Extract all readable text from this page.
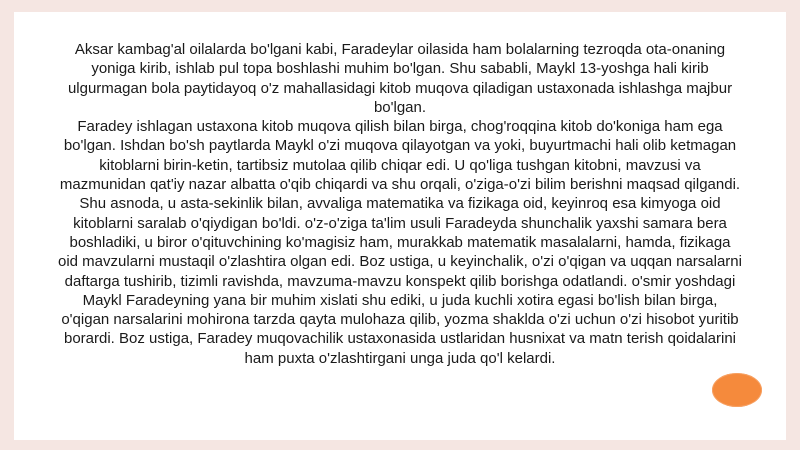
Aksar kambag'al oilalarda bo'lgani kabi, Faradeylar oilasida ham bolalarning tezroqda ota-onaning yoniga kirib, ishlab pul topa boshlashi muhim bo'lgan. Shu sababli, Maykl 13-yoshga hali kirib ulgurmagan bola paytidayoq o'z mahallasidagi kitob muqova qiladigan ustaxonada ishlashga majbur bo'lgan.

Faradey ishlagan ustaxona kitob muqova qilish bilan birga, chog'roqqina kitob do'koniga ham ega bo'lgan. Ishdan bo'sh paytlarda Maykl o'zi muqova qilayotgan va yoki, buyurtmachi hali olib ketmagan kitoblarni birin-ketin, tartibsiz mutolaa qilib chiqar edi. U qo'liga tushgan kitobni, mavzusi va mazmunidan qat'iy nazar albatta o'qib chiqardi va shu orqali, o'ziga-o'zi bilim berishni maqsad qilgandi. Shu asnoda, u asta-sekinlik bilan, avvaliga matematika va fizikaga oid, keyinroq esa kimyoga oid kitoblarni saralab o'qiydigan bo'ldi. o'z-o'ziga ta'lim usuli Faradeyda shunchalik yaxshi samara bera boshladiki, u biror o'qituvchining ko'magisiz ham, murakkab matematik masalalarni, hamda, fizikaga oid mavzularni mustaqil o'zlashtira olgan edi. Boz ustiga, u keyinchalik, o'zi o'qigan va uqqan narsalarni daftarga tushirib, tizimli ravishda, mavzuma-mavzu konspekt qilib borishga odatlandi. o'smir yoshdagi Maykl Faradeyning yana bir muhim xislati shu ediki, u juda kuchli xotira egasi bo'lish bilan birga, o'qigan narsalarini mohirona tarzda qayta mulohaza qilib, yozma shaklda o'zi uchun o'zi hisobot yuritib borardi. Boz ustiga, Faradey muqovachilik ustaxonasida ustlaridan husnixat va matn terish qoidalarini ham puxta o'zlashtirgani unga juda qo'l kelardi.
